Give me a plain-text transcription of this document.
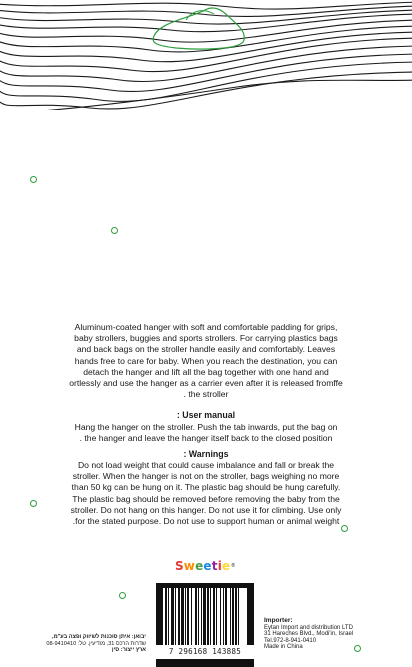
Aluminum-coated hanger with soft and comfortable padding for grips,
baby strollers, buggies and sports strollers. For carrying plastics bags
and back bags on the stroller handle easily and comfortably. Leaves
hands free to care for baby. When you reach the destination, you can
detach the hanger and lift all the bag together with one hand and
ortlessly and use the hanger as a carrier even after it is released fromffe
. the stroller
: User manual
Hang the hanger on the stroller. Push the tab inwards, put the bag on
. the hanger and leave the hanger itself back to the closed position
: Warnings
Do not load weight that could cause imbalance and fall or break the
stroller. When the hanger is not on the stroller, bags weighing no more
than 50 kg can be hung on it. The plastic bag should be hung carefully.
The plastic bag should be removed before removing the baby from the
stroller. Do not hang on this hanger. Do not use it for climbing. Use only
.for the stated purpose. Do not use to support human or animal weight
Sweetie ®
7 296168 143885
Importer:
Eytan Import and distribution LTD
31 Hareches Blvd., Modi'in, Israel
Tel.972-8-941-0410
Made in China
יבואן: איתן סוכנות לשיווק ופצה בע"מ,
שדרות הרכס 31, מודיעין. טל: 08-9410410
ארץ ייצור: סין
